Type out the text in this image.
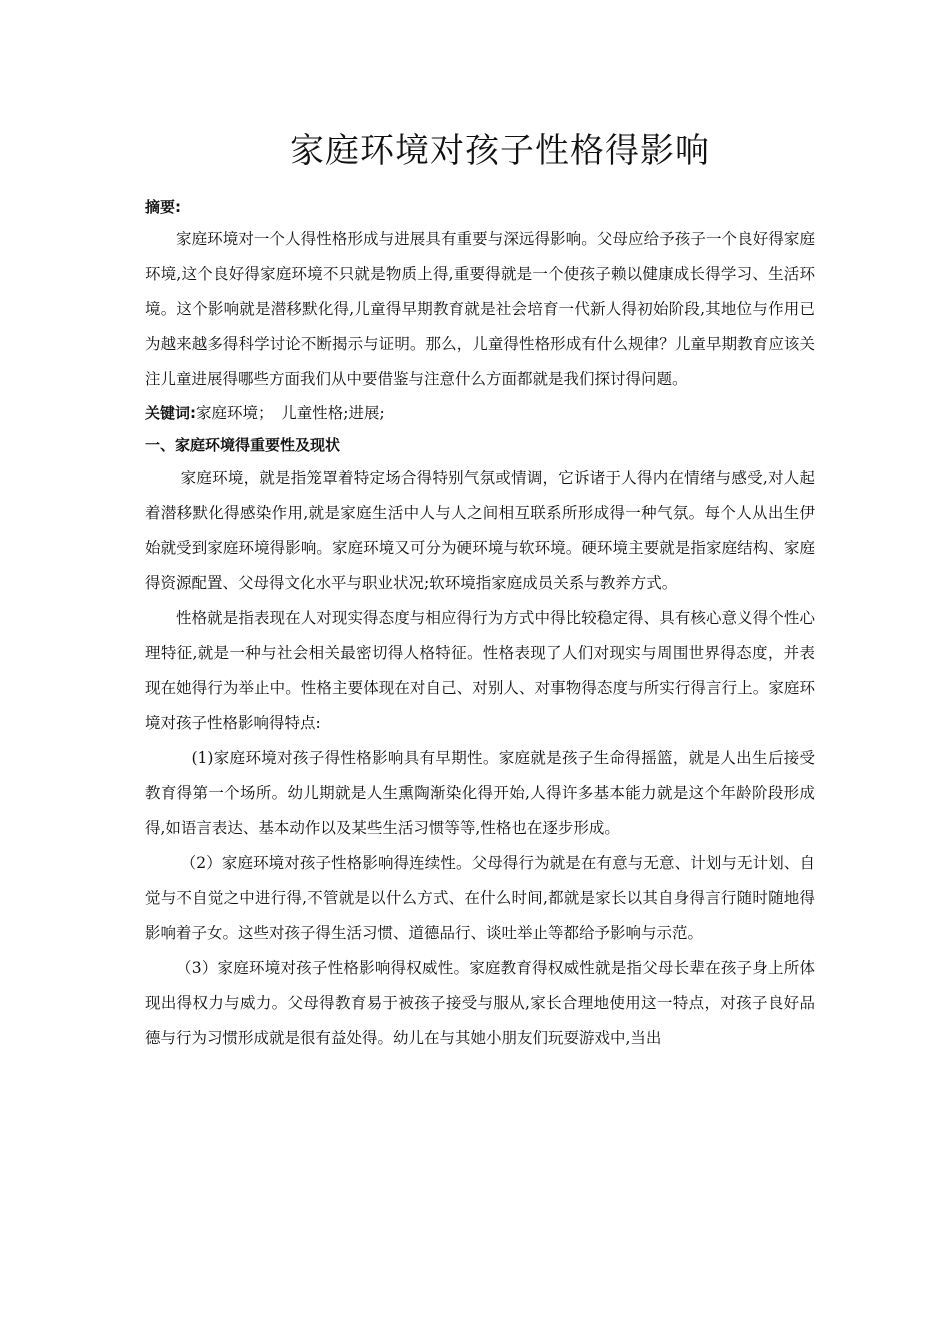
家庭环境对孩子性格得影响
摘要:

家庭环境对一个人得性格形成与进展具有重要与深远得影响。父母应给予孩子一个良好得家庭环境,这个良好得家庭环境不只就是物质上得,重要得就是一个使孩子赖以健康成长得学习、生活环境。这个影响就是潜移默化得,儿童得早期教育就是社会培育一代新人得初始阶段,其地位与作用已为越来越多得科学讨论不断揭示与证明。那么，儿童得性格形成有什么规律？儿童早期教育应该关注儿童进展得哪些方面我们从中要借鉴与注意什么方面都就是我们探讨得问题。

关键词:家庭环境；　儿童性格;进展;
一、家庭环境得重要性及现状

家庭环境，就是指笼罩着特定场合得特别气氛或情调，它诉诸于人得内在情绪与感受,对人起着潜移默化得感染作用,就是家庭生活中人与人之间相互联系所形成得一种气氛。每个人从出生伊始就受到家庭环境得影响。家庭环境又可分为硬环境与软环境。硬环境主要就是指家庭结构、家庭得资源配置、父母得文化水平与职业状况;软环境指家庭成员关系与教养方式。

性格就是指表现在人对现实得态度与相应得行为方式中得比较稳定得、具有核心意义得个性心理特征,就是一种与社会相关最密切得人格特征。性格表现了人们对现实与周围世界得态度，并表现在她得行为举止中。性格主要体现在对自己、对别人、对事物得态度与所实行得言行上。家庭环境对孩子性格影响得特点:

(1)家庭环境对孩子得性格影响具有早期性。家庭就是孩子生命得摇篮，就是人出生后接受教育得第一个场所。幼儿期就是人生熏陶渐染化得开始,人得许多基本能力就是这个年龄阶段形成得,如语言表达、基本动作以及某些生活习惯等等,性格也在逐步形成。

（2）家庭环境对孩子性格影响得连续性。父母得行为就是在有意与无意、计划与无计划、自觉与不自觉之中进行得,不管就是以什么方式、在什么时间,都就是家长以其自身得言行随时随地得影响着子女。这些对孩子得生活习惯、道德品行、谈吐举止等都给予影响与示范。

（3）家庭环境对孩子性格影响得权威性。家庭教育得权威性就是指父母长辈在孩子身上所体现出得权力与威力。父母得教育易于被孩子接受与服从,家长合理地使用这一特点，对孩子良好品德与行为习惯形成就是很有益处得。幼儿在与其她小朋友们玩耍游戏中,当出
